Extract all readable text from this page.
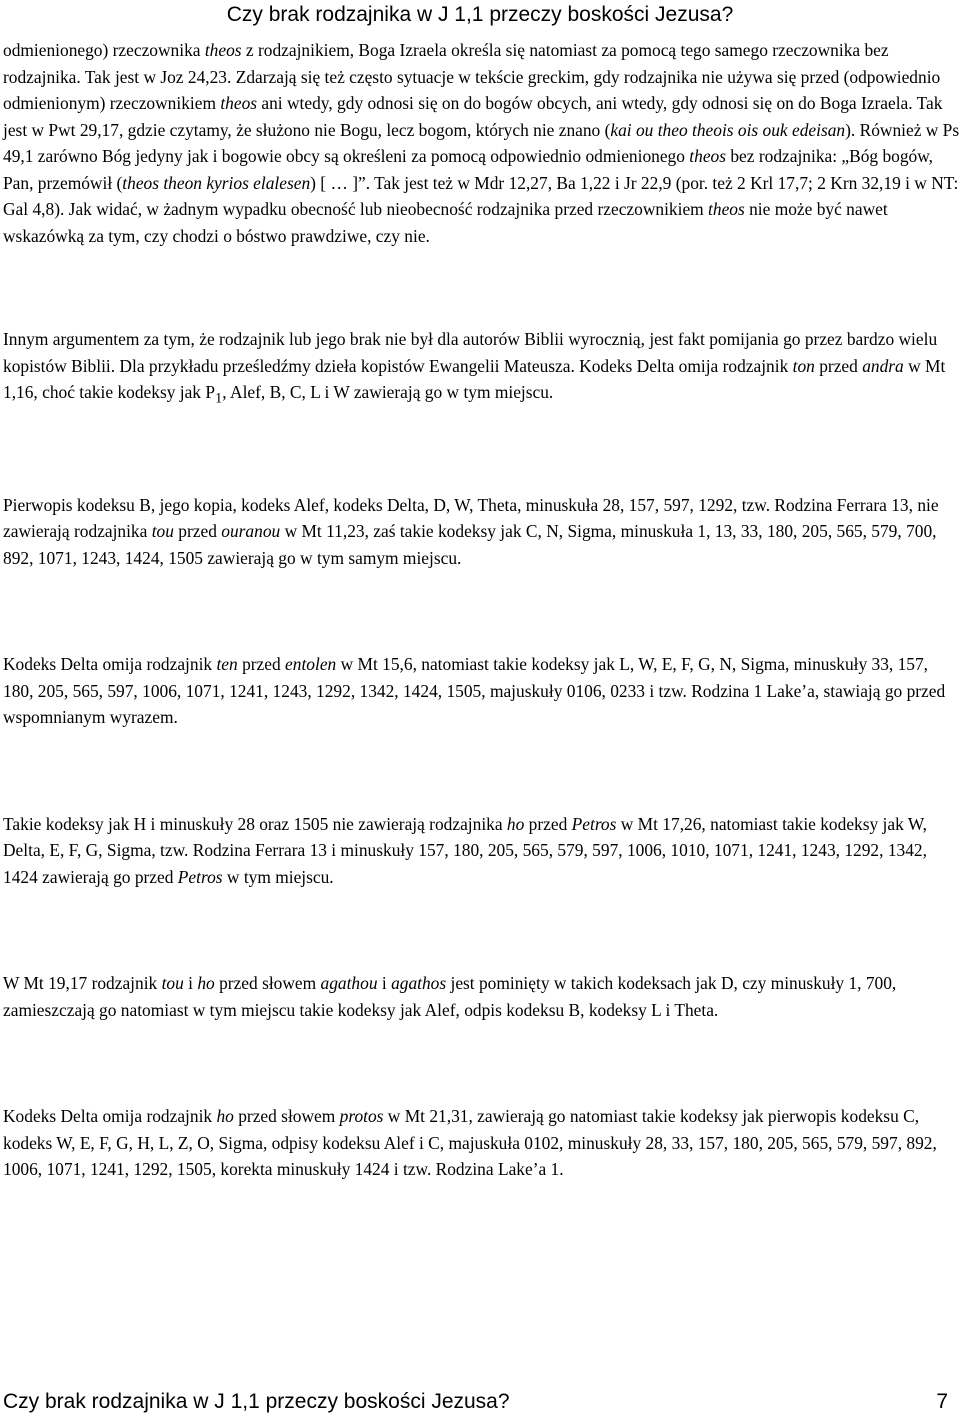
Czy brak rodzajnika w J 1,1 przeczy boskości Jezusa?

odmienionego) rzeczownika theos z rodzajnikiem, Boga Izraela określa się natomiast za pomocą tego samego rzeczownika bez rodzajnika. Tak jest w Joz 24,23. Zdarzają się też często sytuacje w tekście greckim, gdy rodzajnika nie używa się przed (odpowiednio odmienionym) rzeczownikiem theos ani wtedy, gdy odnosi się on do bogów obcych, ani wtedy, gdy odnosi się on do Boga Izraela. Tak jest w Pwt 29,17, gdzie czytamy, że służono nie Bogu, lecz bogom, których nie znano (kai ou theo theois ois ouk edeisan). Również w Ps 49,1 zarówno Bóg jedyny jak i bogowie obcy są określeni za pomocą odpowiednio odmienionego theos bez rodzajnika: „Bóg bogów, Pan, przemówił (theos theon kyrios elalesen) [ … ]”. Tak jest też w Mdr 12,27, Ba 1,22 i Jr 22,9 (por. też 2 Krl 17,7; 2 Krn 32,19 i w NT: Gal 4,8). Jak widać, w żadnym wypadku obecność lub nieobecność rodzajnika przed rzeczownikiem theos nie może być nawet wskazówką za tym, czy chodzi o bóstwo prawdziwe, czy nie.

Innym argumentem za tym, że rodzajnik lub jego brak nie był dla autorów Biblii wyrocznią, jest fakt pomijania go przez bardzo wielu kopistów Biblii. Dla przykładu prześledźmy dzieła kopistów Ewangelii Mateusza. Kodeks Delta omija rodzajnik ton przed andra w Mt 1,16, choć takie kodeksy jak $P_1$, Alef, B, C, L i W zawierają go w tym miejscu.

Pierwopis kodeksu B, jego kopia, kodeks Alef, kodeks Delta, D, W, Theta, minuskuła 28, 157, 597, 1292, tzw. Rodzina Ferrara 13, nie zawierają rodzajnika tou przed ouranou w Mt 11,23, zaś takie kodeksy jak C, N, Sigma, minuskuła 1, 13, 33, 180, 205, 565, 579, 700, 892, 1071, 1243, 1424, 1505 zawierają go w tym samym miejscu.

Kodeks Delta omija rodzajnik ten przed entolen w Mt 15,6, natomiast takie kodeksy jak L, W, E, F, G, N, Sigma, minuskuły 33, 157, 180, 205, 565, 597, 1006, 1071, 1241, 1243, 1292, 1342, 1424, 1505, majuskuły 0106, 0233 i tzw. Rodzina 1 Lake’a, stawiają go przed wspomnianym wyrazem.

Takie kodeksy jak H i minuskuły 28 oraz 1505 nie zawierają rodzajnika ho przed Petros w Mt 17,26, natomiast takie kodeksy jak W, Delta, E, F, G, Sigma, tzw. Rodzina Ferrara 13 i minuskuły 157, 180, 205, 565, 579, 597, 1006, 1010, 1071, 1241, 1243, 1292, 1342, 1424 zawierają go przed Petros w tym miejscu.

W Mt 19,17 rodzajnik tou i ho przed słowem agathou i agathos jest pominięty w takich kodeksach jak D, czy minuskuły 1, 700, zamieszczają go natomiast w tym miejscu takie kodeksy jak Alef, odpis kodeksu B, kodeksy L i Theta.

Kodeks Delta omija rodzajnik ho przed słowem protos w Mt 21,31, zawierają go natomiast takie kodeksy jak pierwopis kodeksu C, kodeks W, E, F, G, H, L, Z, O, Sigma, odpisy kodeksu Alef i C, majuskuła 0102, minuskuły 28, 33, 157, 180, 205, 565, 579, 597, 892, 1006, 1071, 1241, 1292, 1505, korekta minuskuły 1424 i tzw. Rodzina Lake’a 1.

Czy brak rodzajnika w J 1,1 przeczy boskości Jezusa?	7
